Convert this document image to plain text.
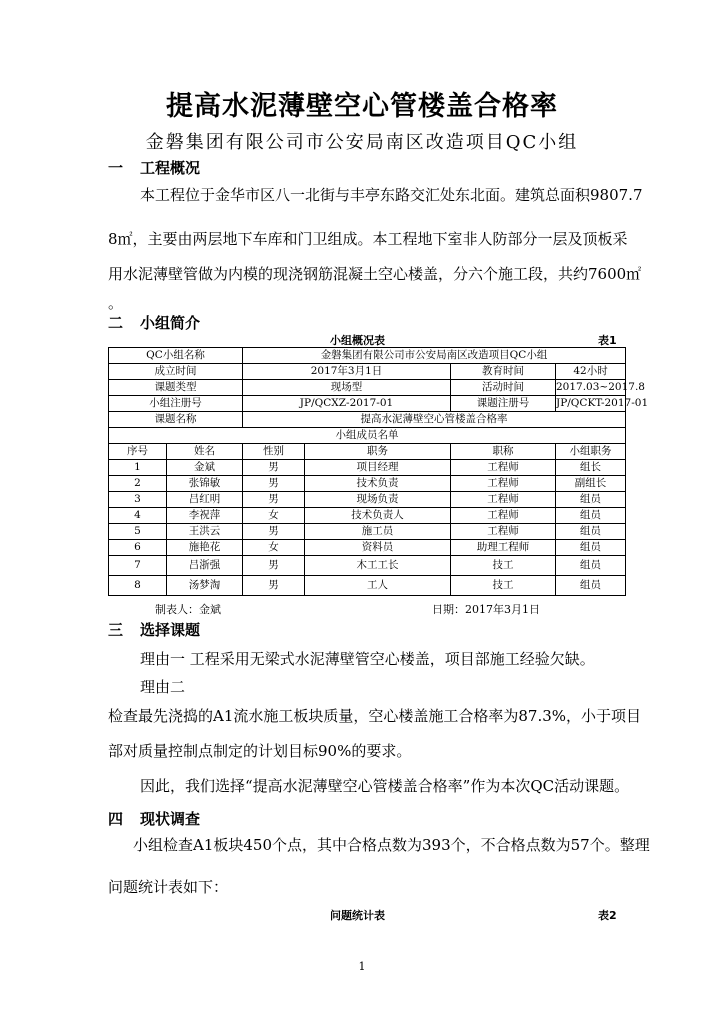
提高水泥薄壁空心管楼盖合格率
金磐集团有限公司市公安局南区改造项目QC小组
一 工程概况
本工程位于金华市区八一北街与丰亭东路交汇处东北面。建筑总面积9807.7
8㎡，主要由两层地下车库和门卫组成。本工程地下室非人防部分一层及顶板采
用水泥薄壁管做为内模的现浇钢筋混凝土空心楼盖，分六个施工段，共约7600㎡
。
二 小组简介
小组概况表	表1
QC小组名称		金磐集团有限公司市公安局南区改造项目QC小组			
成立时间		2017年3月1日		教育时间	42小时
课题类型		现场型		活动时间	2017.03~2017.8
小组注册号		JP/QCXZ-2017-01		课题注册号	JP/QCKT-2017-01
课题名称		提高水泥薄壁空心管楼盖合格率			
小组成员名单					
序号	姓名	性别	职务	职称	小组职务
1	金斌	男	项目经理	工程师	组长
2	张锦敏	男	技术负责	工程师	副组长
3	吕红明	男	现场负责	工程师	组员
4	李祝萍	女	技术负责人	工程师	组员
5	王洪云	男	施工员	工程师	组员
6	施艳花	女	资料员	助理工程师	组员
7	吕浙强	男	木工工长	技工	组员
8	汤梦淘	男	工人	技工	组员
制表人：金斌	日期：2017年3月1日
三 选择课题
理由一 工程采用无梁式水泥薄壁管空心楼盖，项目部施工经验欠缺。
理由二
检查最先浇捣的A1流水施工板块质量，空心楼盖施工合格率为87.3%，小于项目
部对质量控制点制定的计划目标90%的要求。
因此，我们选择“提高水泥薄壁空心管楼盖合格率”作为本次QC活动课题。
四 现状调查
小组检查A1板块450个点，其中合格点数为393个，不合格点数为57个。整理
问题统计表如下：
问题统计表	表2
1
